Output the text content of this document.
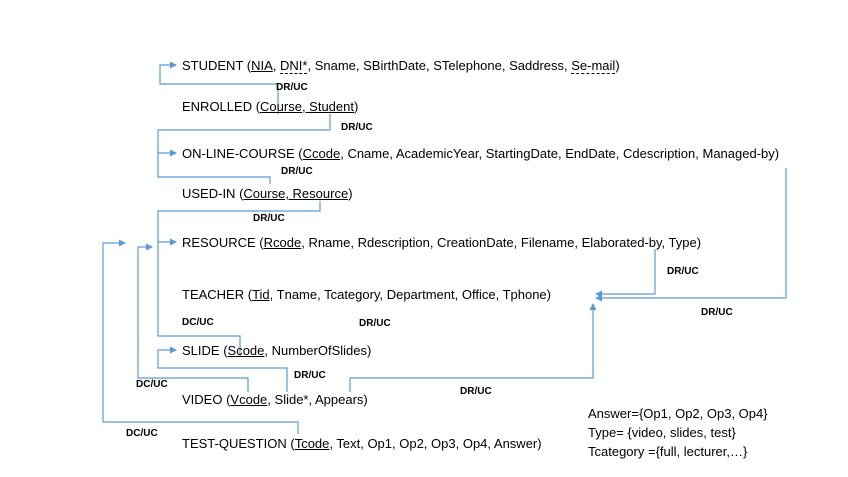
STUDENT (NIA, DNI*, Sname, SBirthDate, STelephone, Saddress, Se-mail)
ENROLLED (Course, Student)
ON-LINE-COURSE (Ccode, Cname, AcademicYear, StartingDate, EndDate, Cdescription, Managed-by)
USED-IN (Course, Resource)
RESOURCE (Rcode, Rname, Rdescription, CreationDate, Filename, Elaborated-by, Type)
TEACHER (Tid, Tname, Tcategory, Department, Office, Tphone)
SLIDE (Scode, NumberOfSlides)
VIDEO (Vcode, Slide*, Appears)
TEST-QUESTION (Tcode, Text, Op1, Op2, Op3, Op4, Answer)
DR/UC
DR/UC
DR/UC
DR/UC
DR/UC
DR/UC
DC/UC	DR/UC
DR/UC
DC/UC
DR/UC
DC/UC
Answer={Op1, Op2, Op3, Op4}
Type= {video, slides, test}
Tcategory ={full, lecturer,…}
